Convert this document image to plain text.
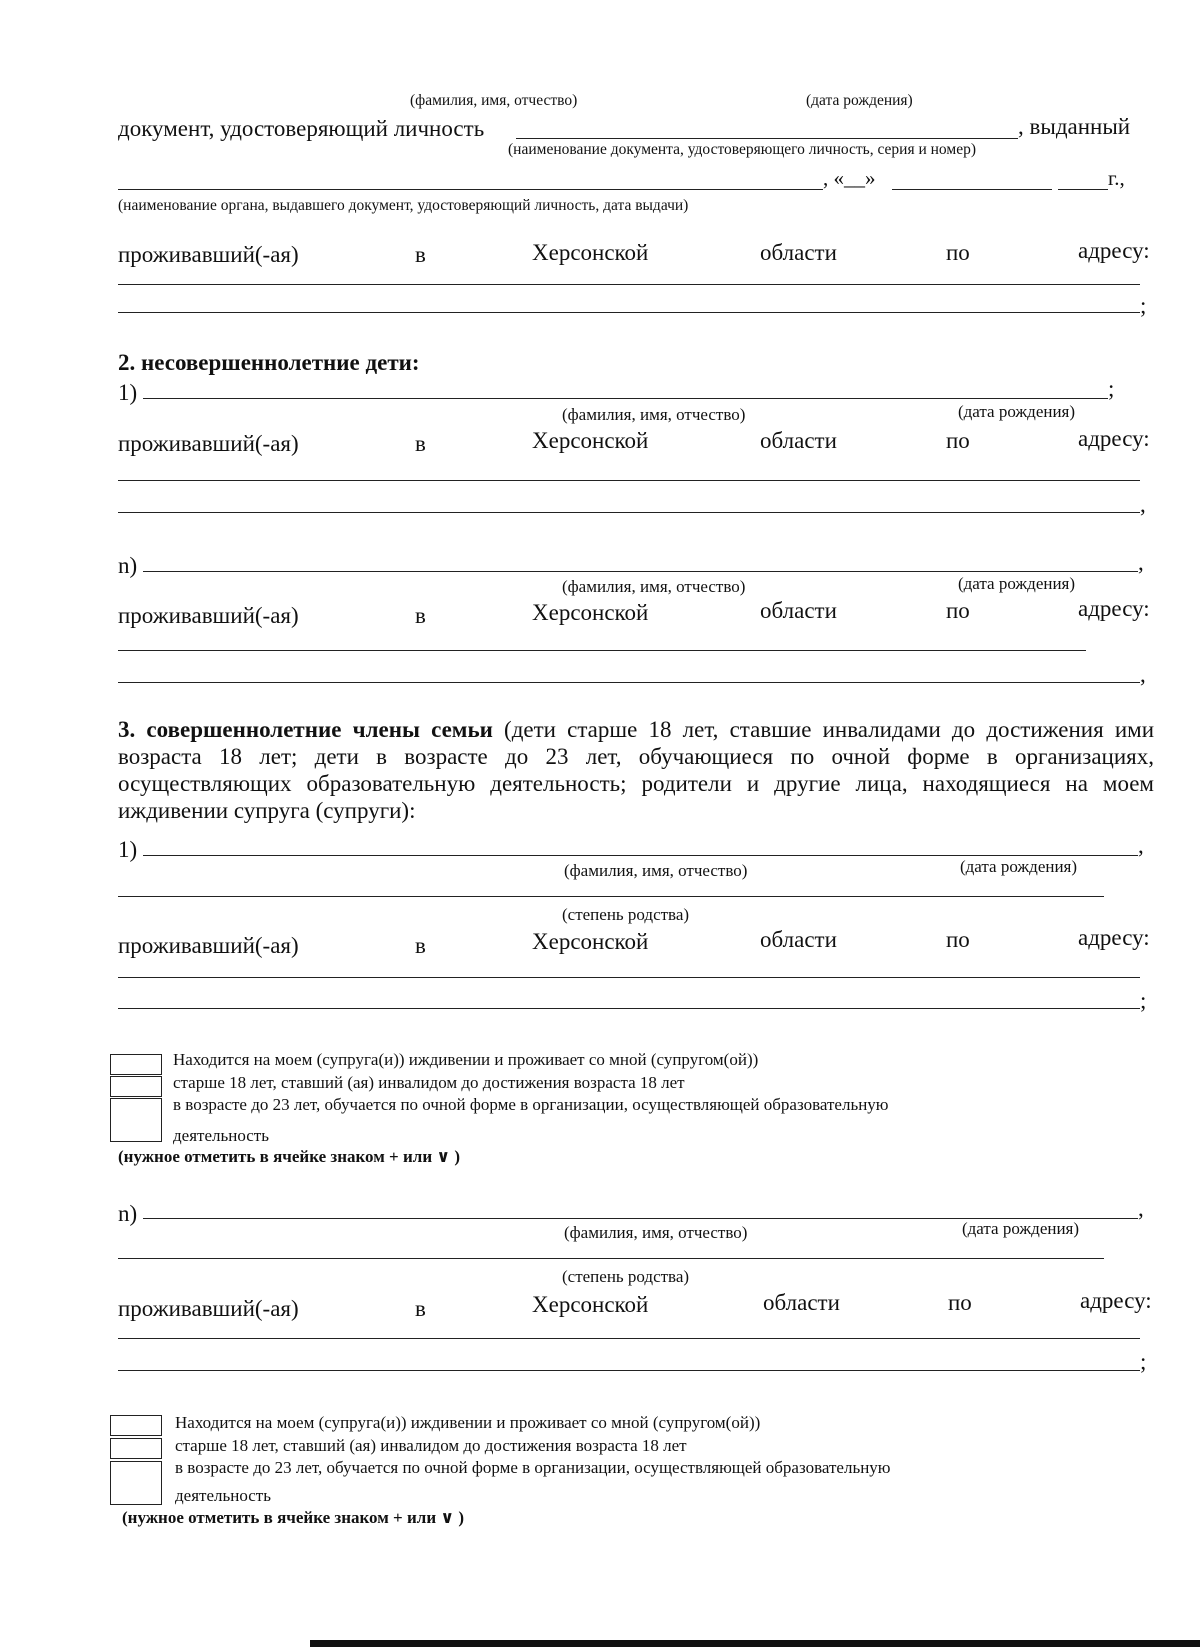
(фамилия, имя, отчество)	(дата рождения)
документ, удостоверяющий личность	, выданный
(наименование документа, удостоверяющего личность, серия и номер)
, «__»	г.,
(наименование органа, выдавшего документ, удостоверяющий личность, дата выдачи)
проживавший(-ая)	в	Херсонской	области	по	адресу:
;
2. несовершеннолетние дети:
1)	;
(фамилия, имя, отчество)	(дата рождения)
проживавший(-ая)	в	Херсонской	области	по	адресу:
,
n)	,
(фамилия, имя, отчество)	(дата рождения)
проживавший(-ая)	в	Херсонской	области	по	адресу:
,
3. совершеннолетние члены семьи (дети старше 18 лет, ставшие инвалидами до достижения ими возраста 18 лет; дети в возрасте до 23 лет, обучающиеся по очной форме в организациях, осуществляющих образовательную деятельность; родители и другие лица, находящиеся на моем иждивении супруга (супруги):
1)	,
(фамилия, имя, отчество)	(дата рождения)
(степень родства)
проживавший(-ая)	в	Херсонской	области	по	адресу:
;
Находится на моем (супруга(и)) иждивении и проживает со мной (супругом(ой))
старше 18 лет, ставший (ая) инвалидом до достижения возраста 18 лет
в возрасте до 23 лет, обучается по очной форме в организации, осуществляющей образовательную
деятельность
(нужное отметить в ячейке знаком + или ∨ )
n)	,
(фамилия, имя, отчество)	(дата рождения)
(степень родства)
проживавший(-ая)	в	Херсонской	области	по	адресу:
;
Находится на моем (супруга(и)) иждивении и проживает со мной (супругом(ой))
старше 18 лет, ставший (ая) инвалидом до достижения возраста 18 лет
в возрасте до 23 лет, обучается по очной форме в организации, осуществляющей образовательную
деятельность
(нужное отметить в ячейке знаком + или ∨ )
